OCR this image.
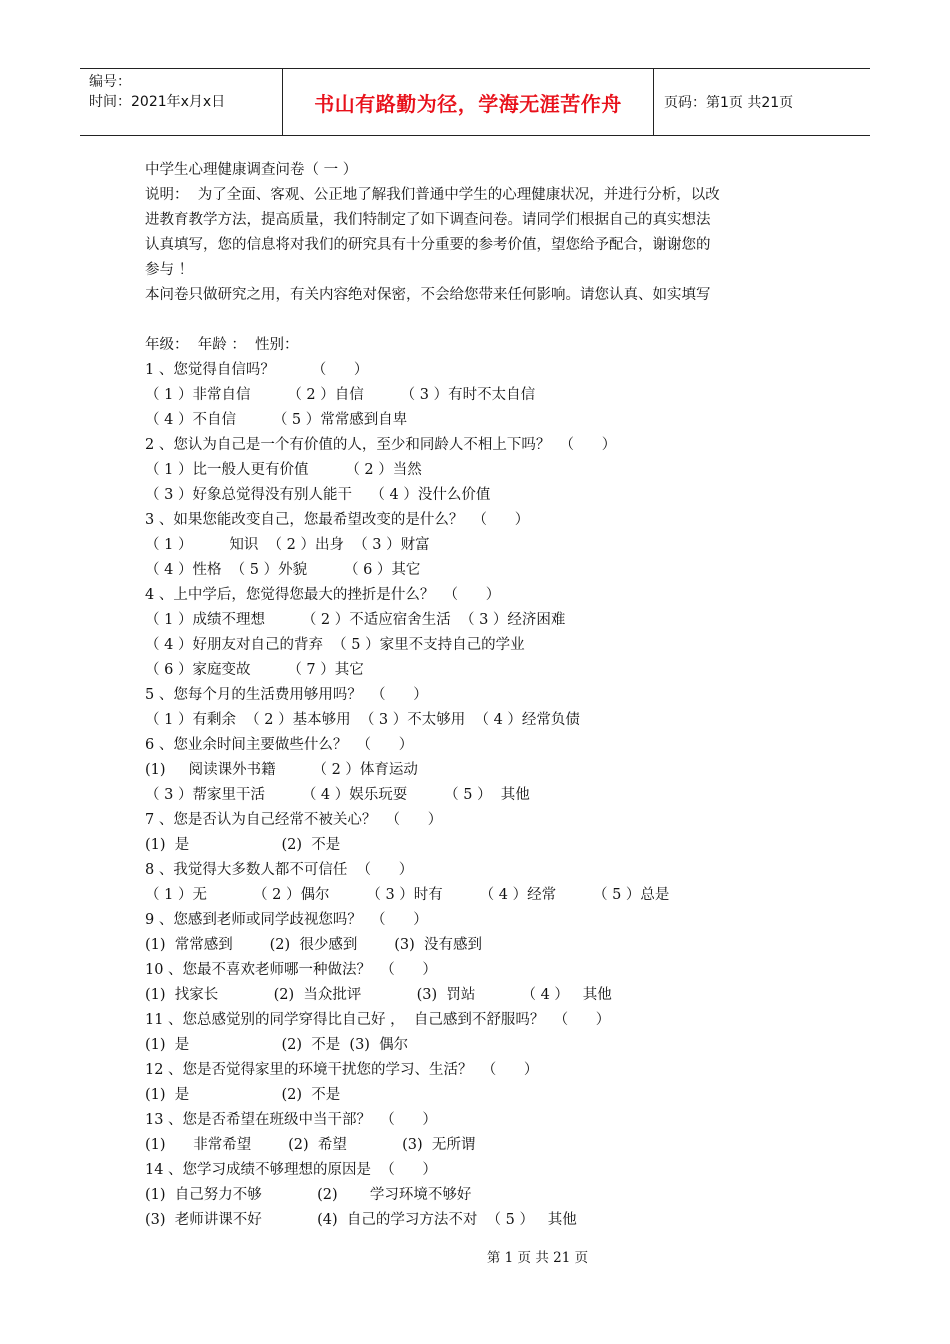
编号：
时间：2021年x月x日	书山有路勤为径，学海无涯苦作舟	页码：第1页 共21页
中学生心理健康调查问卷（ 一 ）
说明：  为了全面、客观、公正地了解我们普通中学生的心理健康状况，并进行分析，以改
进教育教学方法，提高质量，我们特制定了如下调查问卷。请同学们根据自己的真实想法
认真填写，您的信息将对我们的研究具有十分重要的参考价值，望您给予配合，谢谢您的
参与 ！
本问卷只做研究之用，有关内容绝对保密，不会给您带来任何影响。请您认真、如实填写
年级：  年龄 ：  性别：
1 、您觉得自信吗？        （      ）
（ 1 ）非常自信        （ 2 ）自信        （ 3 ）有时不太自信
（ 4 ）不自信        （ 5 ）常常感到自卑
2 、您认为自己是一个有价值的人，至少和同龄人不相上下吗？  （      ）
（ 1 ）比一般人更有价值        （ 2 ）当然
（ 3 ）好象总觉得没有别人能干    （ 4 ）没什么价值
3 、如果您能改变自己，您最希望改变的是什么？  （      ）
（ 1 ）        知识  （ 2 ）出身  （ 3 ）财富
（ 4 ）性格  （ 5 ）外貌        （ 6 ）其它
4 、上中学后，您觉得您最大的挫折是什么？  （      ）
（ 1 ）成绩不理想        （ 2 ）不适应宿舍生活  （ 3 ）经济困难
（ 4 ）好朋友对自己的背弃  （ 5 ）家里不支持自己的学业
（ 6 ）家庭变故        （ 7 ）其它
5 、您每个月的生活费用够用吗？  （      ）
（ 1 ）有剩余  （ 2 ）基本够用  （ 3 ）不太够用  （ 4 ）经常负债
6 、您业余时间主要做些什么？  （      ）
(1)     阅读课外书籍        （ 2 ）体育运动
（ 3 ）帮家里干活        （ 4 ）娱乐玩耍        （ 5 ）  其他
7 、您是否认为自己经常不被关心？  （      ）
(1)  是                    (2)  不是
8 、我觉得大多数人都不可信任  （      ）
（ 1 ）无          （ 2 ）偶尔        （ 3 ）时有        （ 4 ）经常        （ 5 ）总是
9 、您感到老师或同学歧视您吗？  （      ）
(1)  常常感到        (2)  很少感到        (3)  没有感到
10 、您最不喜欢老师哪一种做法？  （      ）
(1)  找家长            (2)  当众批评            (3)  罚站          （ 4 ）   其他
11 、您总感觉别的同学穿得比自己好 ，  自己感到不舒服吗？  （      ）
(1)  是                    (2)  不是  (3)  偶尔
12 、您是否觉得家里的环境干扰您的学习、生活？  （      ）
(1)  是                    (2)  不是
13 、您是否希望在班级中当干部？  （      ）
(1)      非常希望        (2)  希望            (3)  无所谓
14 、您学习成绩不够理想的原因是  （      ）
(1)  自己努力不够            (2)       学习环境不够好
(3)  老师讲课不好            (4)  自己的学习方法不对  （ 5 ）   其他
第 1 页 共 21 页
